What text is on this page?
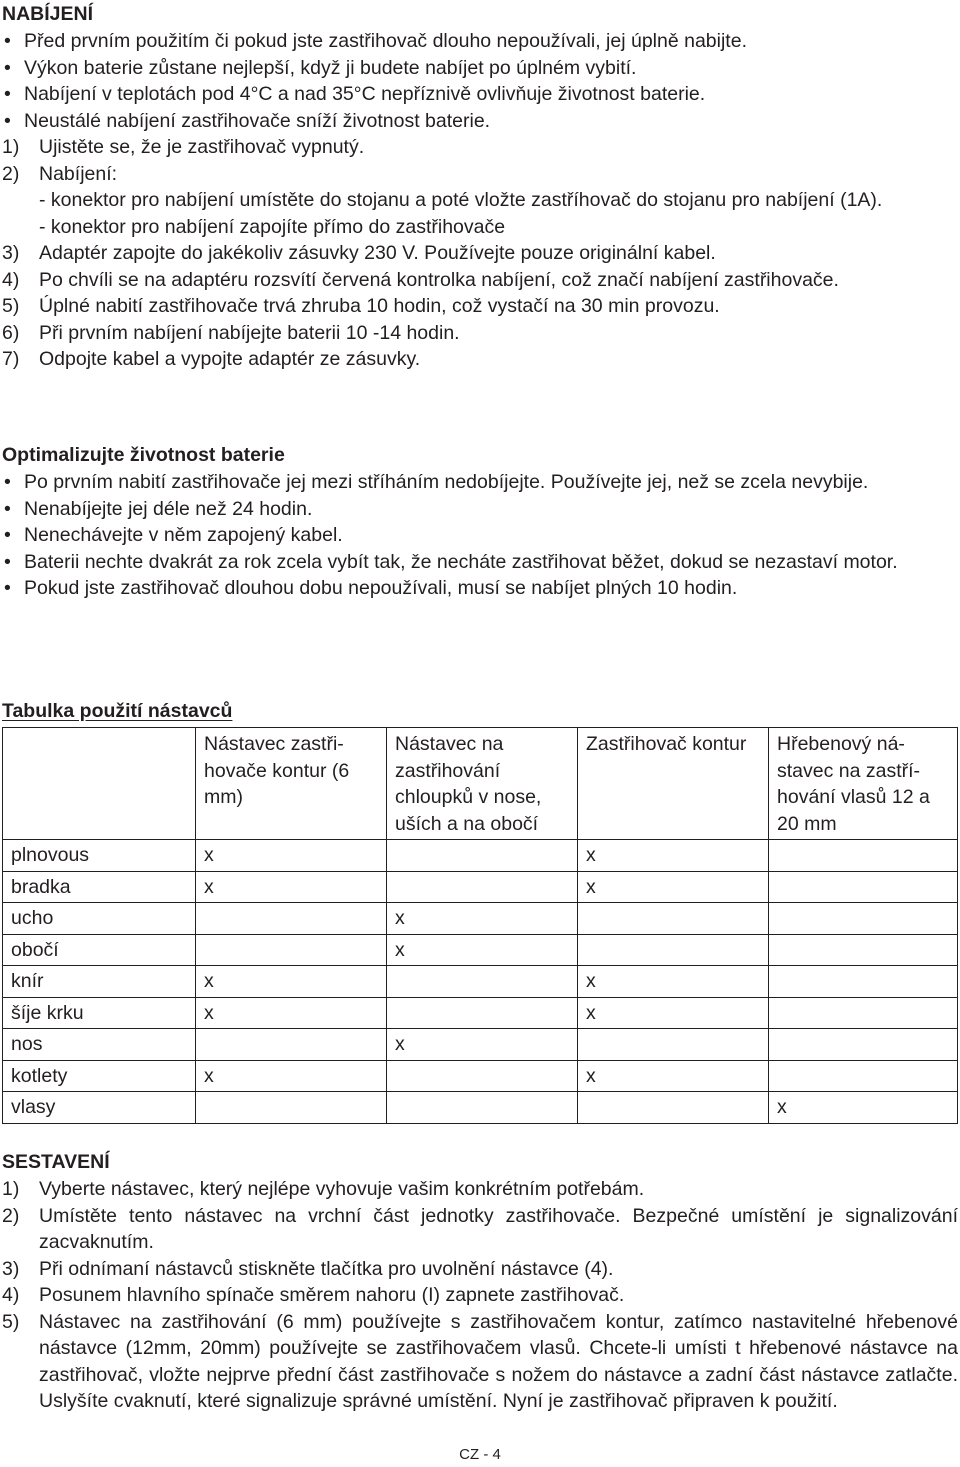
NABÍJENÍ
• Před prvním použitím či pokud jste zastřihovač dlouho nepoužívali, jej úplně nabijte.
• Výkon baterie zůstane nejlepší, když ji budete nabíjet po úplném vybití.
• Nabíjení v teplotách pod 4°C a nad 35°C nepříznivě ovlivňuje životnost baterie.
• Neustálé nabíjení zastřihovače sníží životnost baterie.
1) Ujistěte se, že je zastřihovač vypnutý.
2) Nabíjení:
- konektor pro nabíjení umístěte do stojanu a poté vložte zastříhovač do stojanu pro nabíjení (1A).
- konektor pro nabíjení zapojíte přímo do zastřihovače
3) Adaptér zapojte do jakékoliv zásuvky 230 V. Používejte pouze originální kabel.
4) Po chvíli se na adaptéru rozsvítí červená kontrolka nabíjení, což značí nabíjení zastřihovače.
5) Úplné nabití zastřihovače trvá zhruba 10 hodin, což vystačí na 30 min provozu.
6) Při prvním nabíjení nabíjejte baterii 10 -14 hodin.
7) Odpojte kabel a vypojte adaptér ze zásuvky.
Optimalizujte životnost baterie
• Po prvním nabití zastřihovače jej mezi stříháním nedobíjejte. Používejte jej, než se zcela nevybije.
• Nenabíjejte jej déle než 24 hodin.
• Nenechávejte v něm zapojený kabel.
• Baterii nechte dvakrát za rok zcela vybít tak, že necháte zastřihovat běžet, dokud se nezastaví motor.
• Pokud jste zastřihovač dlouhou dobu nepoužívali, musí se nabíjet plných 10 hodin.
Tabulka použití nástavců
	Nástavec zastři-hovače kontur (6 mm)	Nástavec na zastřihování chloupků v nose, uších a na obočí	Zastřihovač kontur	Hřebenový ná-stavec na zastří-hování vlasů 12 a 20 mm
plnovous	x		x	
bradka	x		x	
ucho		x		
obočí		x		
knír	x		x	
šíje krku	x		x	
nos		x		
kotlety	x		x	
vlasy				x
SESTAVENÍ
1) Vyberte nástavec, který nejlépe vyhovuje vašim konkrétním potřebám.
2) Umístěte tento nástavec na vrchní část jednotky zastřihovače. Bezpečné umístění je signalizování zacvaknutím.
3) Při odnímaní nástavců stiskněte tlačítka pro uvolnění nástavce (4).
4) Posunem hlavního spínače směrem nahoru (I) zapnete zastřihovač.
5) Nástavec na zastřihování (6 mm) používejte s zastřihovačem kontur, zatímco nastavitelné hřebenové nástavce (12mm, 20mm) používejte se zastřihovačem vlasů. Chcete-li umísti t hřebenové nástavce na zastřihovač, vložte nejprve přední část zastřihovače s nožem do nástavce a zadní část nástavce zatlačte. Uslyšíte cvaknutí, které signalizuje správné umístění. Nyní je zastřihovač připraven k použití.
CZ - 4
